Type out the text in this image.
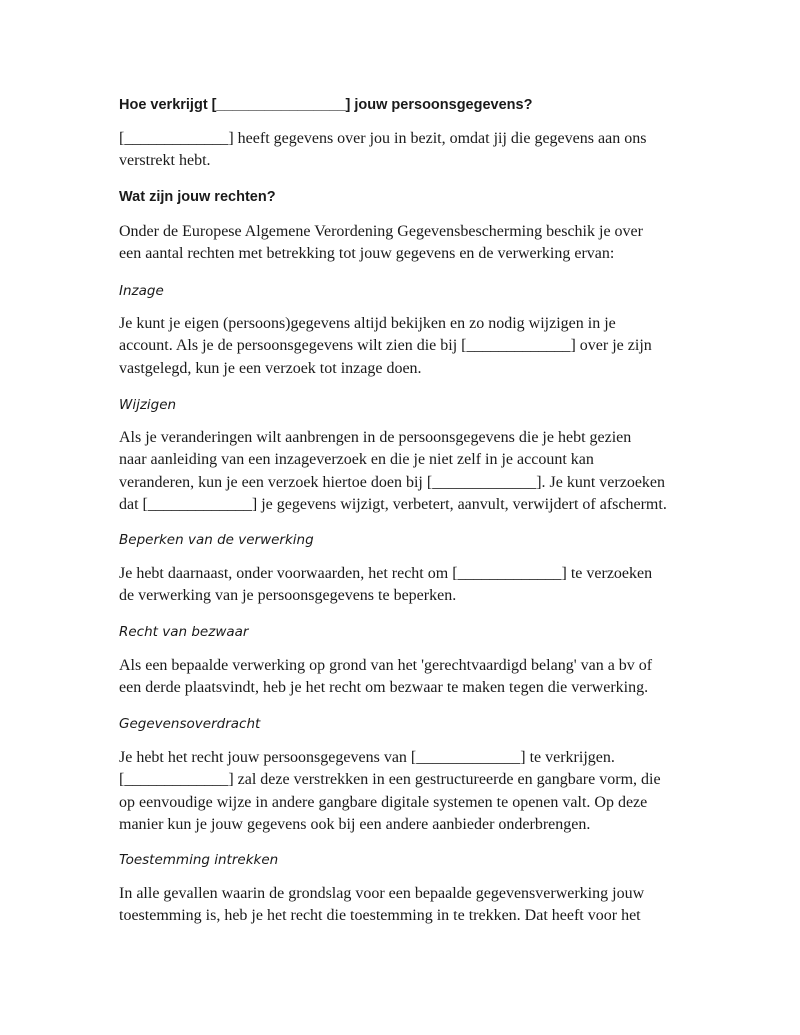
Hoe verkrijgt [________________] jouw persoonsgegevens?
[_____________] heeft gegevens over jou in bezit, omdat jij die gegevens aan ons
verstrekt hebt.
Wat zijn jouw rechten?
Onder de Europese Algemene Verordening Gegevensbescherming beschik je over
een aantal rechten met betrekking tot jouw gegevens en de verwerking ervan:
Inzage
Je kunt je eigen (persoons)gegevens altijd bekijken en zo nodig wijzigen in je
account. Als je de persoonsgegevens wilt zien die bij [_____________] over je zijn
vastgelegd, kun je een verzoek tot inzage doen.
Wijzigen
Als je veranderingen wilt aanbrengen in de persoonsgegevens die je hebt gezien
naar aanleiding van een inzageverzoek en die je niet zelf in je account kan
veranderen, kun je een verzoek hiertoe doen bij [_____________]. Je kunt verzoeken
dat [_____________] je gegevens wijzigt, verbetert, aanvult, verwijdert of afschermt.
Beperken van de verwerking
Je hebt daarnaast, onder voorwaarden, het recht om [_____________] te verzoeken
de verwerking van je persoonsgegevens te beperken.
Recht van bezwaar
Als een bepaalde verwerking op grond van het 'gerechtvaardigd belang' van a bv of
een derde plaatsvindt, heb je het recht om bezwaar te maken tegen die verwerking.
Gegevensoverdracht
Je hebt het recht jouw persoonsgegevens van [_____________] te verkrijgen.
[_____________] zal deze verstrekken in een gestructureerde en gangbare vorm, die
op eenvoudige wijze in andere gangbare digitale systemen te openen valt. Op deze
manier kun je jouw gegevens ook bij een andere aanbieder onderbrengen.
Toestemming intrekken
In alle gevallen waarin de grondslag voor een bepaalde gegevensverwerking jouw
toestemming is, heb je het recht die toestemming in te trekken. Dat heeft voor het
